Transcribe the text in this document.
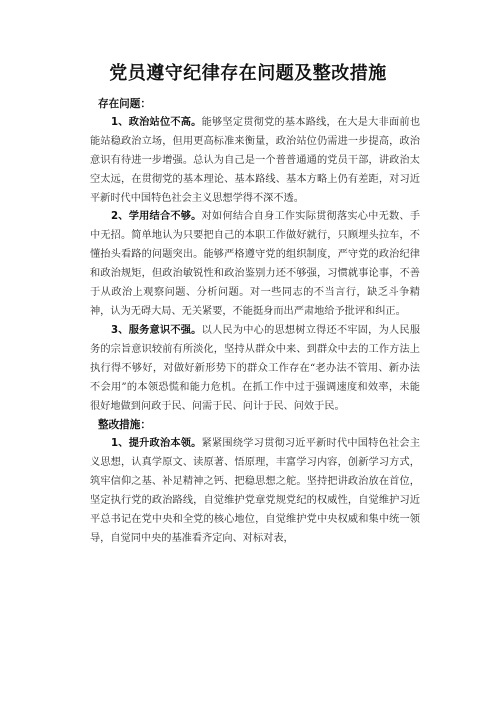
党员遵守纪律存在问题及整改措施

存在问题：

1、政治站位不高。能够坚定贯彻党的基本路线，在大是大非面前也能站稳政治立场，但用更高标准来衡量，政治站位仍需进一步提高，政治意识有待进一步增强。总认为自己是一个普普通通的党员干部，讲政治太空太远，在贯彻党的基本理论、基本路线、基本方略上仍有差距，对习近平新时代中国特色社会主义思想学得不深不透。

2、学用结合不够。对如何结合自身工作实际贯彻落实心中无数、手中无招。简单地认为只要把自己的本职工作做好就行，只顾埋头拉车，不懂抬头看路的问题突出。能够严格遵守党的组织制度，严守党的政治纪律和政治规矩，但政治敏锐性和政治鉴别力还不够强，习惯就事论事，不善于从政治上观察问题、分析问题。对一些同志的不当言行，缺乏斗争精神，认为无碍大局、无关紧要，不能挺身而出严肃地给予批评和纠正。

3、服务意识不强。以人民为中心的思想树立得还不牢固，为人民服务的宗旨意识较前有所淡化，坚持从群众中来、到群众中去的工作方法上执行得不够好，对做好新形势下的群众工作存在“老办法不管用、新办法不会用”的本领恐慌和能力危机。在抓工作中过于强调速度和效率，未能很好地做到问政于民、问需于民、问计于民、问效于民。

整改措施：

1、提升政治本领。紧紧围绕学习贯彻习近平新时代中国特色社会主义思想，认真学原文、读原著、悟原理，丰富学习内容，创新学习方式，筑牢信仰之基、补足精神之钙、把稳思想之舵。坚持把讲政治放在首位，坚定执行党的政治路线，自觉维护党章党规党纪的权威性，自觉维护习近平总书记在党中央和全党的核心地位，自觉维护党中央权威和集中统一领导，自觉同中央的基准看齐定向、对标对表，
